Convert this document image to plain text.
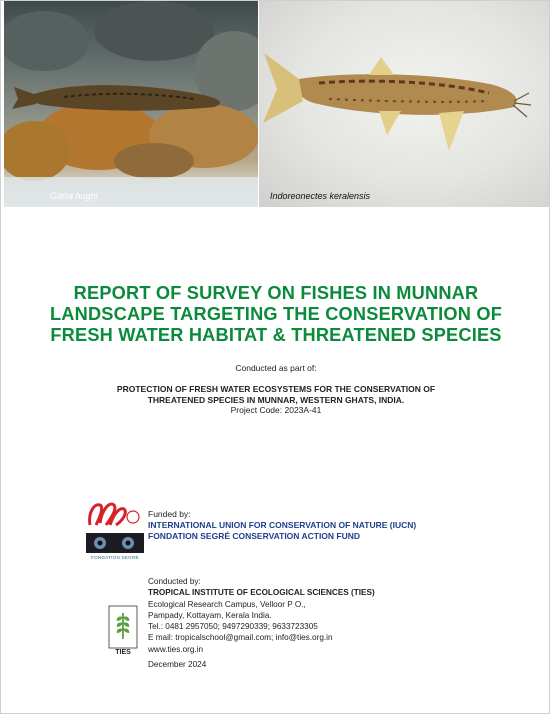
Garra hughi	Indoreonectes keralensis
REPORT OF SURVEY ON FISHES IN MUNNAR
LANDSCAPE TARGETING THE CONSERVATION OF
FRESH WATER HABITAT & THREATENED SPECIES
Conducted as part of:
PROTECTION OF FRESH WATER ECOSYSTEMS FOR THE CONSERVATION OF
THREATENED SPECIES IN MUNNAR, WESTERN GHATS, INDIA.
Project Code: 2023A-41
FONDATION SEGRE
Funded by:
INTERNATIONAL UNION FOR CONSERVATION OF NATURE (IUCN)
FONDATION SEGRÉ CONSERVATION ACTION FUND
TIES
Conducted by:
TROPICAL INSTITUTE OF ECOLOGICAL SCIENCES (TIES)
Ecological Research Campus, Velloor P O.,
Pampady, Kottayam, Kerala India.
Tel.: 0481 2957050; 9497290339; 9633723305
E mail: tropicalschool@gmail.com; info@ties.org.in
www.ties.org.in
December 2024
